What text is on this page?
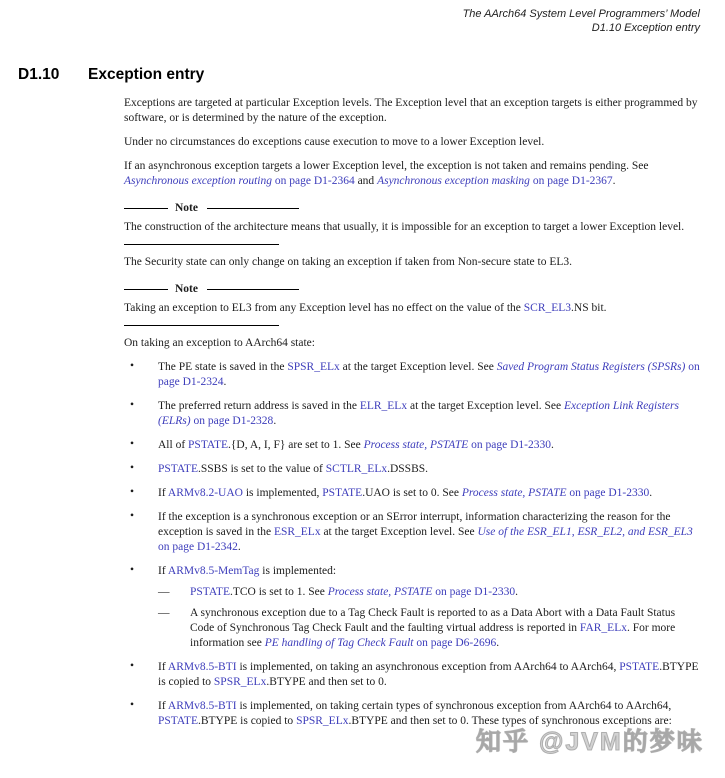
The AArch64 System Level Programmers’ Model
D1.10 Exception entry
D1.10	Exception entry

Exceptions are targeted at particular Exception levels. The Exception level that an exception targets is either programmed by software, or is determined by the nature of the exception.

Under no circumstances do exceptions cause execution to move to a lower Exception level.

If an asynchronous exception targets a lower Exception level, the exception is not taken and remains pending. See Asynchronous exception routing on page D1-2364 and Asynchronous exception masking on page D1-2367.

Note

The construction of the architecture means that usually, it is impossible for an exception to target a lower Exception level.

The Security state can only change on taking an exception if taken from Non-secure state to EL3.

Note

Taking an exception to EL3 from any Exception level has no effect on the value of the SCR_EL3.NS bit.

On taking an exception to AArch64 state:

• The PE state is saved in the SPSR_ELx at the target Exception level. See Saved Program Status Registers (SPSRs) on page D1-2324.
• The preferred return address is saved in the ELR_ELx at the target Exception level. See Exception Link Registers (ELRs) on page D1-2328.
• All of PSTATE.{D, A, I, F} are set to 1. See Process state, PSTATE on page D1-2330.
• PSTATE.SSBS is set to the value of SCTLR_ELx.DSSBS.
• If ARMv8.2-UAO is implemented, PSTATE.UAO is set to 0. See Process state, PSTATE on page D1-2330.
• If the exception is a synchronous exception or an SError interrupt, information characterizing the reason for the exception is saved in the ESR_ELx at the target Exception level. See Use of the ESR_EL1, ESR_EL2, and ESR_EL3 on page D1-2342.
• If ARMv8.5-MemTag is implemented:
— PSTATE.TCO is set to 1. See Process state, PSTATE on page D1-2330.
— A synchronous exception due to a Tag Check Fault is reported to as a Data Abort with a Data Fault Status Code of Synchronous Tag Check Fault and the faulting virtual address is reported in FAR_ELx. For more information see PE handling of Tag Check Fault on page D6-2696.
• If ARMv8.5-BTI is implemented, on taking an asynchronous exception from AArch64 to AArch64, PSTATE.BTYPE is copied to SPSR_ELx.BTYPE and then set to 0.
• If ARMv8.5-BTI is implemented, on taking certain types of synchronous exception from AArch64 to AArch64, PSTATE.BTYPE is copied to SPSR_ELx.BTYPE and then set to 0. These types of synchronous exceptions are:
知乎 @JVM的梦味
